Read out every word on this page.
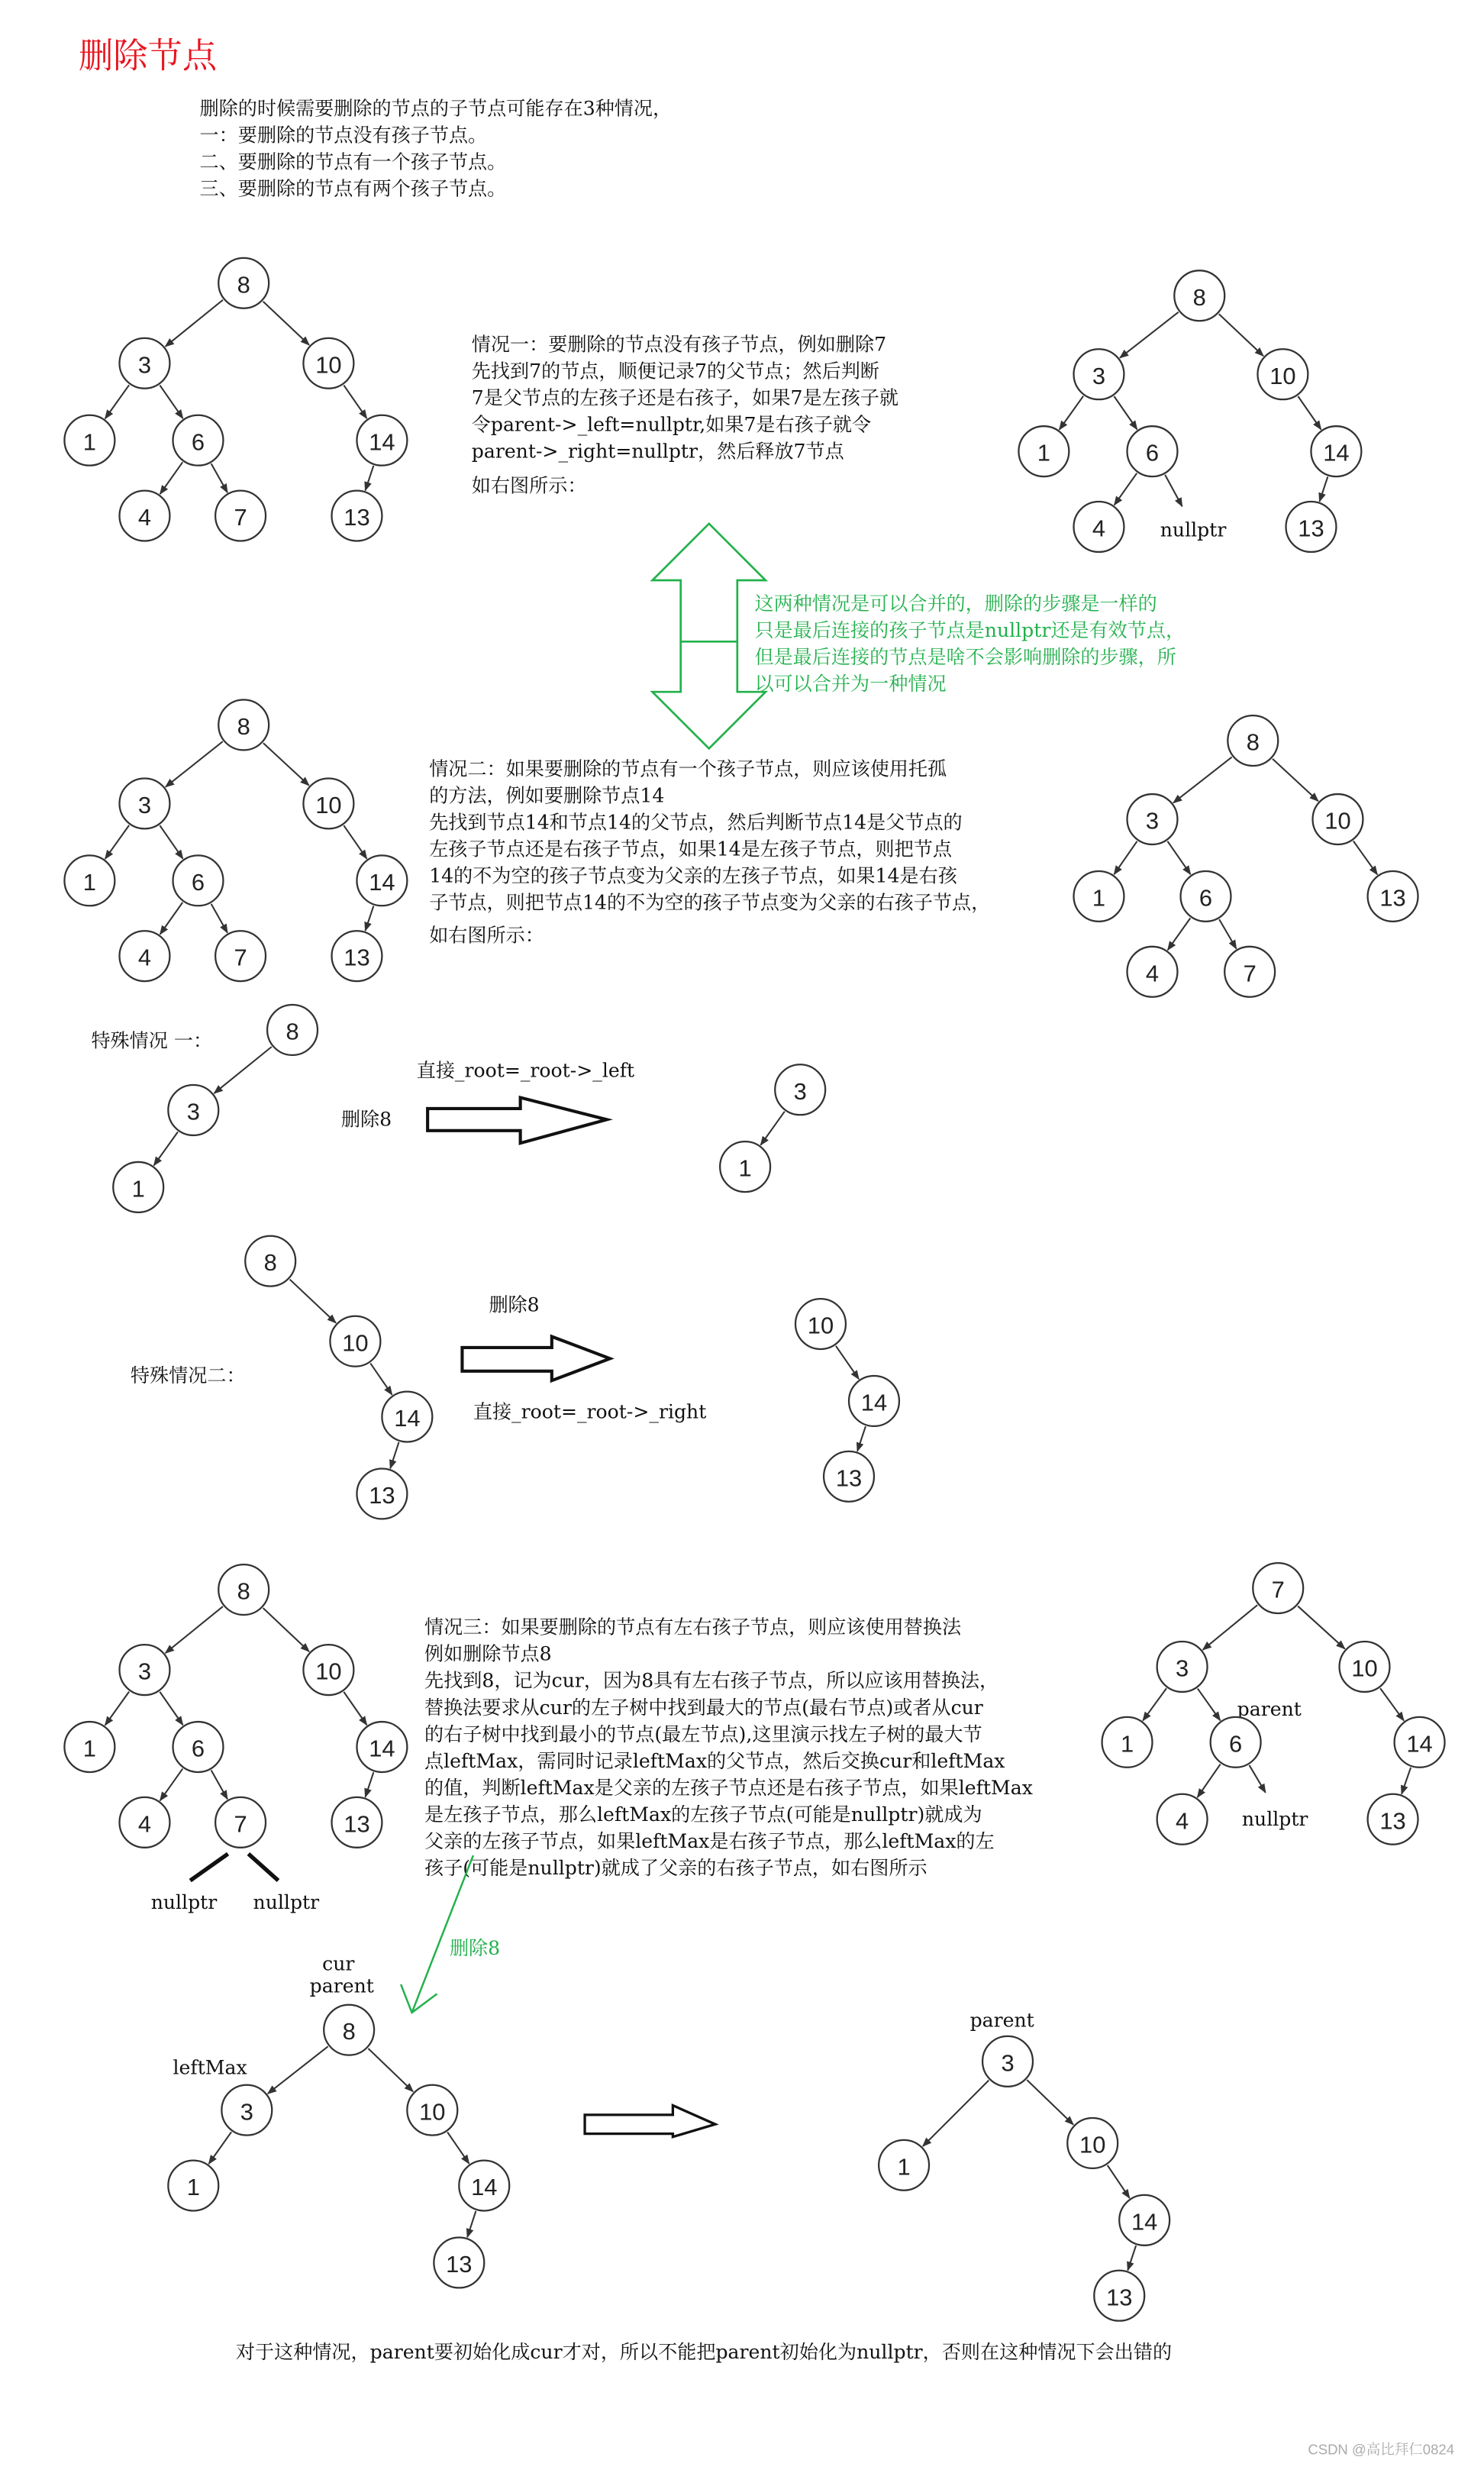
删除节点
删除的时候需要删除的节点的子节点可能存在3种情况，
一：要删除的节点没有孩子节点。
二、要删除的节点有一个孩子节点。
三、要删除的节点有两个孩子节点。
情况一：要删除的节点没有孩子节点，例如删除7
先找到7的节点，顺便记录7的父节点；然后判断
7是父节点的左孩子还是右孩子，如果7是左孩子就
令parent->_left=nullptr,如果7是右孩子就令
parent->_right=nullptr，然后释放7节点
如右图所示：
这两种情况是可以合并的，删除的步骤是一样的
只是最后连接的孩子节点是nullptr还是有效节点，
但是最后连接的节点是啥不会影响删除的步骤，所
以可以合并为一种情况
情况二：如果要删除的节点有一个孩子节点，则应该使用托孤
的方法，例如要删除节点14
先找到节点14和节点14的父节点，然后判断节点14是父节点的
左孩子节点还是右孩子节点，如果14是左孩子节点，则把节点
14的不为空的孩子节点变为父亲的左孩子节点，如果14是右孩
子节点，则把节点14的不为空的孩子节点变为父亲的右孩子节点，
如右图所示：
情况三：如果要删除的节点有左右孩子节点，则应该使用替换法
例如删除节点8
先找到8，记为cur，因为8具有左右孩子节点，所以应该用替换法，
替换法要求从cur的左子树中找到最大的节点(最右节点)或者从cur
的右子树中找到最小的节点(最左节点),这里演示找左子树的最大节
点leftMax，需同时记录leftMax的父节点，然后交换cur和leftMax
的值，判断leftMax是父亲的左孩子节点还是右孩子节点，如果leftMax
是左孩子节点，那么leftMax的左孩子节点(可能是nullptr)就成为
父亲的左孩子节点，如果leftMax是右孩子节点，那么leftMax的左
孩子(可能是nullptr)就成了父亲的右孩子节点，如右图所示
特殊情况 一：
直接_root=_root->_left
删除8
特殊情况二：
删除8
直接_root=_root->_right
删除8
对于这种情况，parent要初始化成cur才对，所以不能把parent初始化为nullptr，否则在这种情况下会出错的
nullptr
nullptr	nullptr
parent
nullptr
cur
parent
leftMax
parent
CSDN @高比拜仁0824
8
3	10
1	6	14
4	7	13
8
3	10
1	6	14
4	13
8
3	10
1	6	14
4	7	13
8
3	10
1	6	13
4	7
8
3
1
3
1
8
10
14
13
10
14
13
8
3	10
1	6	14
4	7	13
7
3	10
1	6	14
4	13
8
3	10
1	14
13
3
1
10
14
13
